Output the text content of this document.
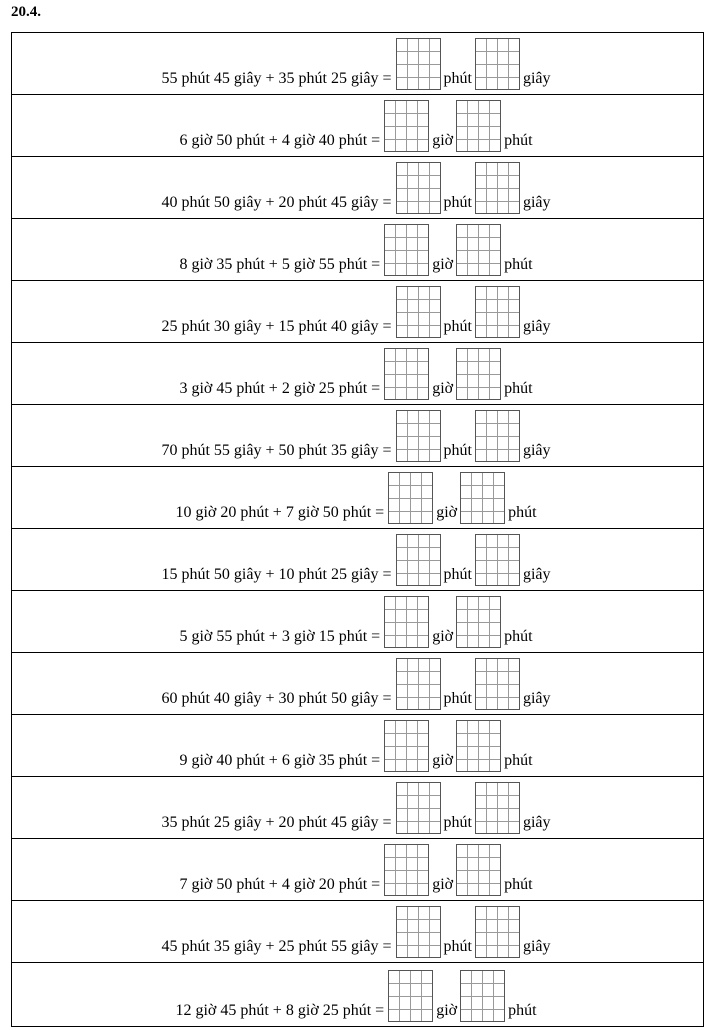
20.4.
55 phút 45 giây + 35 phút 25 giây =	phút	giây
6 giờ 50 phút + 4 giờ 40 phút =	giờ	phút
40 phút 50 giây + 20 phút 45 giây =	phút	giây
8 giờ 35 phút + 5 giờ 55 phút =	giờ	phút
25 phút 30 giây + 15 phút 40 giây =	phút	giây
3 giờ 45 phút + 2 giờ 25 phút =	giờ	phút
70 phút 55 giây + 50 phút 35 giây =	phút	giây
10 giờ 20 phút + 7 giờ 50 phút =	giờ	phút
15 phút 50 giây + 10 phút 25 giây =	phút	giây
5 giờ 55 phút + 3 giờ 15 phút =	giờ	phút
60 phút 40 giây + 30 phút 50 giây =	phút	giây
9 giờ 40 phút + 6 giờ 35 phút =	giờ	phút
35 phút 25 giây + 20 phút 45 giây =	phút	giây
7 giờ 50 phút + 4 giờ 20 phút =	giờ	phút
45 phút 35 giây + 25 phút 55 giây =	phút	giây
12 giờ 45 phút + 8 giờ 25 phút =	giờ	phút
